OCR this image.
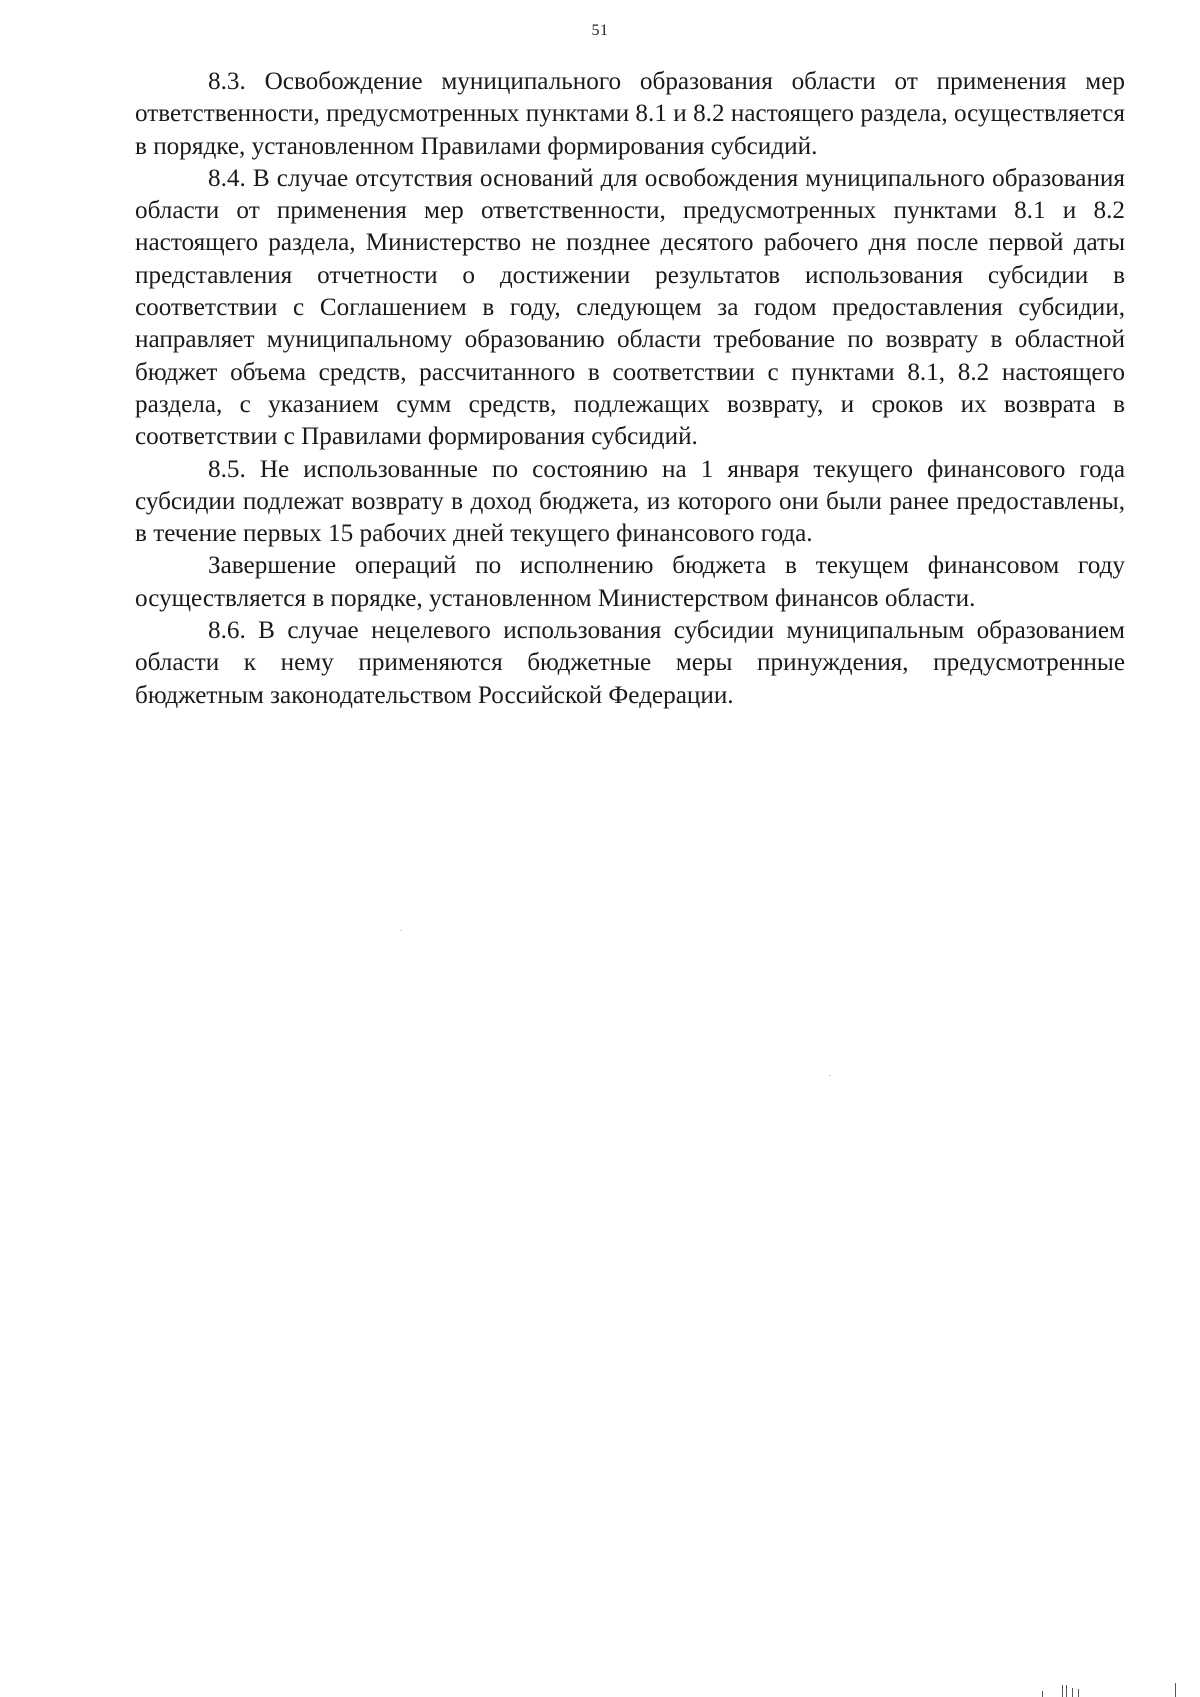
51

8.3. Освобождение муниципального образования области от применения мер ответственности, предусмотренных пунктами 8.1 и 8.2 настоящего раздела, осуществляется в порядке, установленном Правилами формирования субсидий.

8.4. В случае отсутствия оснований для освобождения муниципального образования области от применения мер ответственности, предусмотренных пунктами 8.1 и 8.2 настоящего раздела, Министерство не позднее десятого рабочего дня после первой даты представления отчетности о достижении результатов использования субсидии в соответствии с Соглашением в году, следующем за годом предоставления субсидии, направляет муниципальному образованию области требование по возврату в областной бюджет объема средств, рассчитанного в соответствии с пунктами 8.1, 8.2 настоящего раздела, с указанием сумм средств, подлежащих возврату, и сроков их возврата в соответствии с Правилами формирования субсидий.

8.5. Не использованные по состоянию на 1 января текущего финансового года субсидии подлежат возврату в доход бюджета, из которого они были ранее предоставлены, в течение первых 15 рабочих дней текущего финансового года.

Завершение операций по исполнению бюджета в текущем финансовом году осуществляется в порядке, установленном Министерством финансов области.

8.6. В случае нецелевого использования субсидии муниципальным образованием области к нему применяются бюджетные меры принуждения, предусмотренные бюджетным законодательством Российской Федерации.
